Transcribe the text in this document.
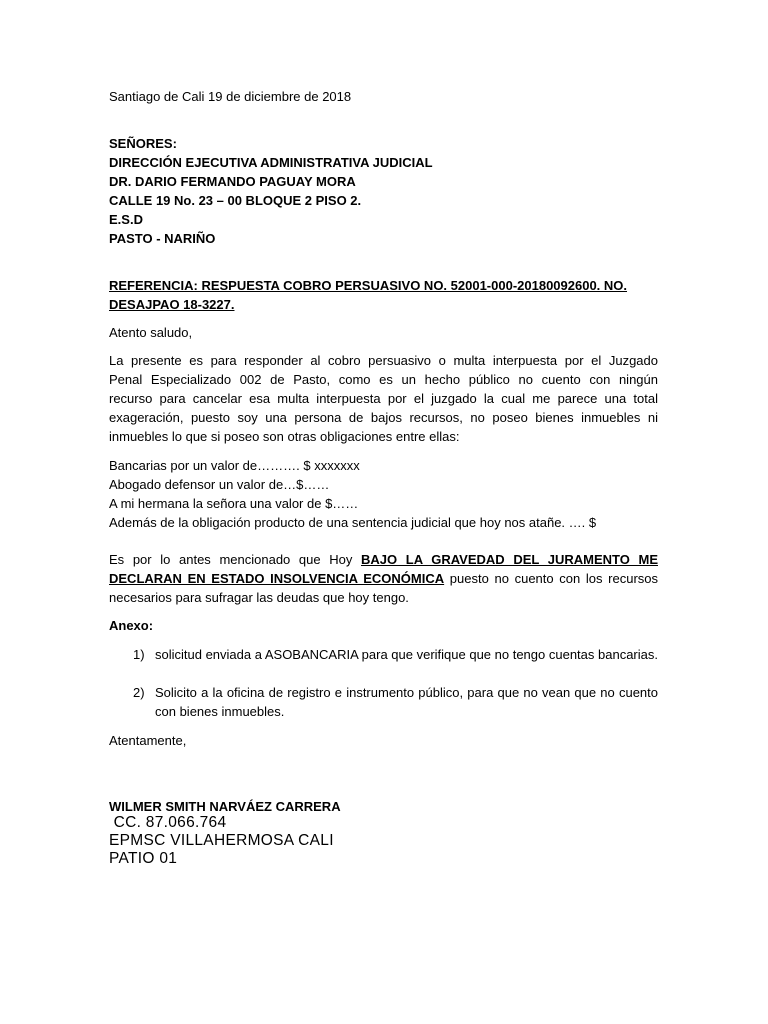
Santiago de Cali 19 de diciembre de 2018
SEÑORES:
DIRECCIÓN EJECUTIVA ADMINISTRATIVA JUDICIAL
DR. DARIO FERMANDO PAGUAY MORA
CALLE 19 No. 23 – 00 BLOQUE 2 PISO 2.
E.S.D
PASTO - NARIÑO
REFERENCIA: RESPUESTA COBRO PERSUASIVO NO. 52001-000-20180092600. NO.
DESAJPAO 18-3227.
Atento saludo,
La presente es para responder al cobro persuasivo o multa interpuesta por el Juzgado
Penal Especializado 002 de Pasto, como es un hecho público no cuento con ningún
recurso para cancelar esa multa interpuesta por el juzgado la cual me parece una total
exageración, puesto soy una persona de bajos recursos, no poseo bienes inmuebles ni
inmuebles lo que si poseo son otras obligaciones entre ellas:
Bancarias por un valor de………. $ xxxxxxx
Abogado defensor un valor de…$……
A mi hermana la señora una valor de $……
Además de la obligación producto de una sentencia judicial que hoy nos atañe. …. $
Es por lo antes mencionado que Hoy BAJO LA GRAVEDAD DEL JURAMENTO ME
DECLARAN EN ESTADO INSOLVENCIA ECONÓMICA puesto no cuento con los recursos
necesarios para sufragar las deudas que hoy tengo.
Anexo:
1) solicitud enviada a ASOBANCARIA para que verifique que no tengo cuentas bancarias.
2) Solicito a la oficina de registro e instrumento público, para que no vean que no cuento con bienes inmuebles.
Atentamente,
WILMER SMITH NARVÁEZ CARRERA
CC. 87.066.764
EPMSC VILLAHERMOSA CALI
PATIO 01
